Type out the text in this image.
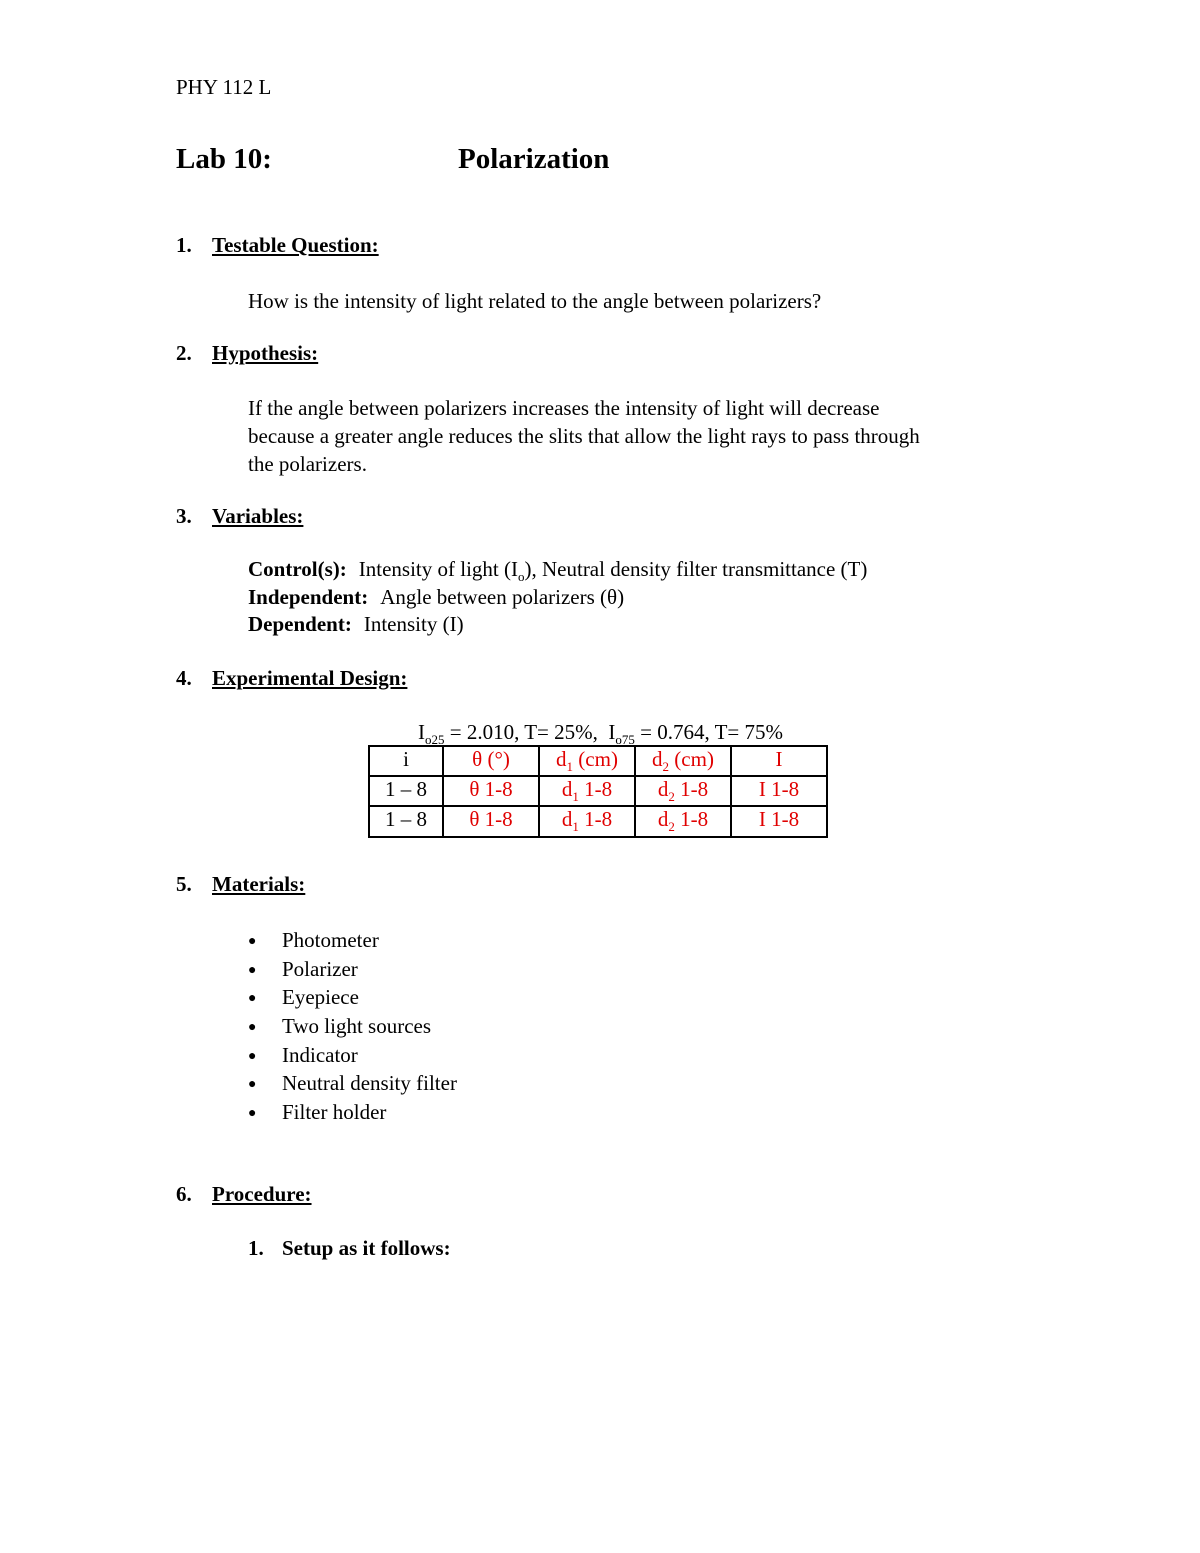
PHY 112 L
Lab 10:	Polarization
1. Testable Question:
How is the intensity of light related to the angle between polarizers?
2. Hypothesis:
If the angle between polarizers increases the intensity of light will decrease
because a greater angle reduces the slits that allow the light rays to pass through
the polarizers.
3. Variables:
Control(s): Intensity of light $(I_o)$, Neutral density filter transmittance (T)
Independent: Angle between polarizers (θ)
Dependent: Intensity (I)
4. Experimental Design:
$I_{o25} = 2.010$, T= 25%, $I_{o75} = 0.764$, T= 75%
i	θ (°)	$d_1$ (cm)	$d_2$ (cm)	I
1 – 8	θ 1-8	$d_1$ 1-8	$d_2$ 1-8	I 1-8
1 – 8	θ 1-8	$d_1$ 1-8	$d_2$ 1-8	I 1-8
5. Materials:
● Photometer
● Polarizer
● Eyepiece
● Two light sources
● Indicator
● Neutral density filter
● Filter holder
6. Procedure:
1. Setup as it follows:
